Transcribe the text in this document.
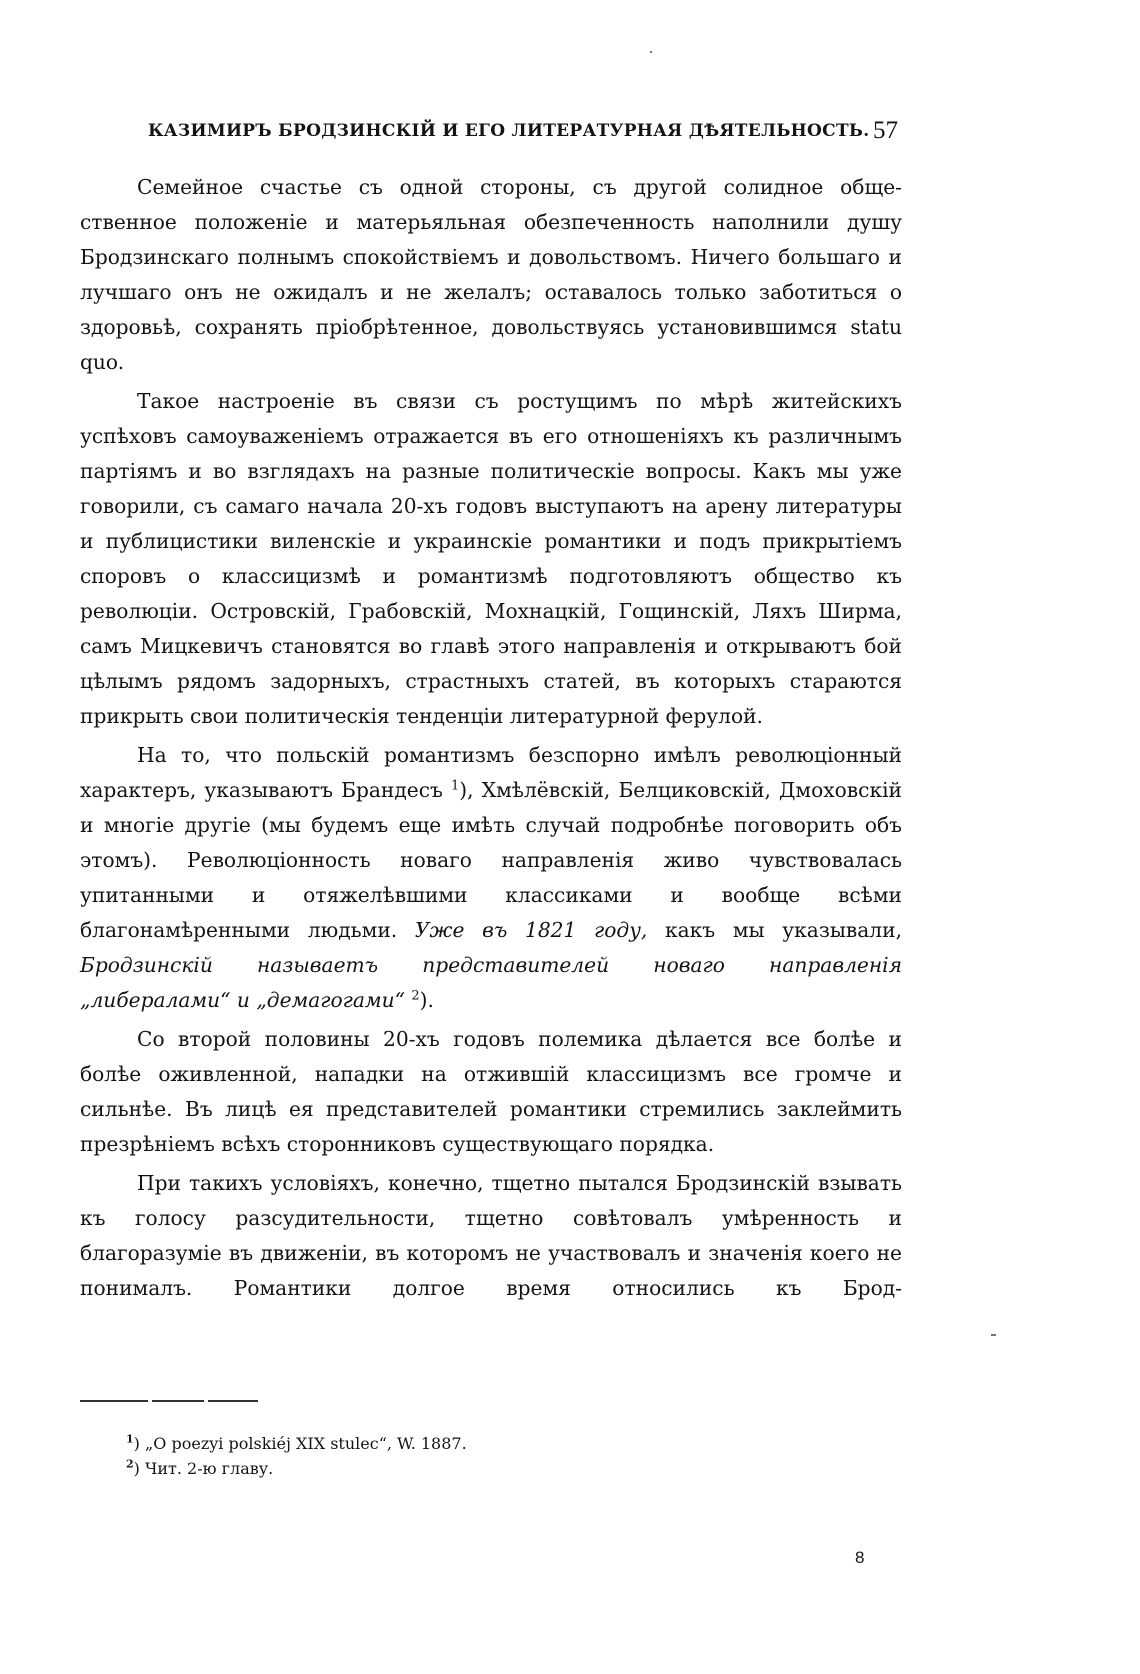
КАЗИМИРЪ БРОДЗИНСКІЙ И ЕГО ЛИТЕРАТУРНАЯ ДѢЯТЕЛЬНОСТЬ. 57

Семейное счастье съ одной стороны, съ другой солидное общественное положеніе и матерьяльная обезпеченность наполнили душу Бродзинскаго полнымъ спокойствіемъ и довольствомъ. Ничего большаго и лучшаго онъ не ожидалъ и не желалъ; оставалось только заботиться о здоровьѣ, сохранять пріобрѣтенное, довольствуясь установившимся statu quo.

Такое настроеніе въ связи съ ростущимъ по мѣрѣ житейскихъ успѣховъ самоуваженіемъ отражается въ его отношеніяхъ къ различнымъ партіямъ и во взглядахъ на разные политическіе вопросы. Какъ мы уже говорили, съ самаго начала 20-хъ годовъ выступаютъ на арену литературы и публицистики виленскіе и украинскіе романтики и подъ прикрытіемъ споровъ о классицизмѣ и романтизмѣ подготовляютъ общество къ революціи. Островскій, Грабовскій, Мохнацкій, Гощинскій, Ляхъ Ширма, самъ Мицкевичъ становятся во главѣ этого направленія и открываютъ бой цѣлымъ рядомъ задорныхъ, страстныхъ статей, въ которыхъ стараются прикрыть свои политическія тенденціи литературной ферулой.

На то, что польскій романтизмъ безспорно имѣлъ революціонный характеръ, указываютъ Брандесъ $^1$), Хмѣлёвскій, Белциковскій, Дмоховскій и многіе другіе (мы будемъ еще имѣть случай подробнѣе поговорить объ этомъ). Революціонность новаго направленія живо чувствовалась упитанными и отяжелѣвшими классиками и вообще всѣми благонамѣренными людьми. Уже въ 1821 году, какъ мы указывали, Бродзинскій называетъ представителей новаго направленія „либералами“ и „демагогами“ $^2$).

Со второй половины 20-хъ годовъ полемика дѣлается все болѣе и болѣе оживленной, нападки на отжившій классицизмъ все громче и сильнѣе. Въ лицѣ ея представителей романтики стремились заклеймить презрѣніемъ всѣхъ сторонниковъ существующаго порядка.

При такихъ условіяхъ, конечно, тщетно пытался Бродзинскій взывать къ голосу разсудительности, тщетно совѣтовалъ умѣренность и благоразуміе въ движеніи, въ которомъ не участвовалъ и значенія коего не понималъ. Романтики долгое время относились къ Брод-

$^1$) „O poezyi polskiéj XIX stulec“, W. 1887.
$^2$) Чит. 2-ю главу.
8
